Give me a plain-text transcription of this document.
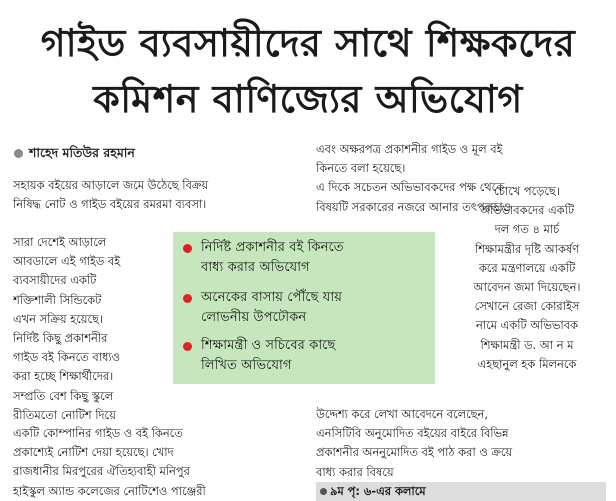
গাইড ব্যবসায়ীদের সাথে শিক্ষকদের
কমিশন বাণিজ্যের অভিযোগ
শাহেদ মতিউর রহমান
সহায়ক বইয়ের আড়ালে জমে উঠেছে বিক্রয়
নিষিদ্ধ নোট ও গাইড বইয়ের রমরমা ব্যবসা।
সারা দেশেই আড়ালে
আবডালে এই গাইড বই
ব্যবসায়ীদের একটি
শক্তিশালী সিন্ডিকেট
এখন সক্রিয় হয়েছে।
নির্দিষ্ট কিছু প্রকাশনীর
গাইড বই কিনতে বাধ্যও
করা হচ্ছে শিক্ষার্থীদের।
সম্প্রতি বেশ কিছু স্কুলে
রীতিমতো নোটিশ দিয়ে
একটি কোম্পানির গাইড ও বই কিনতে
প্রকাশ্যেই নোটিশ দেয়া হয়েছে। খোদ
রাজধানীর মিরপুরের ঐতিহ্যবাহী মনিপুর
হাইস্কুল অ্যান্ড কলেজের নোটিশেও পাঞ্জেরী
নির্দিষ্ট প্রকাশনীর বই কিনতে
বাধ্য করার অভিযোগ
অনেকের বাসায় পৌঁছে যায়
লোভনীয় উপঢৌকন
শিক্ষামন্ত্রী ও সচিবের কাছে
লিখিত অভিযোগ
এবং অক্ষরপত্র প্রকাশনীর গাইড ও মূল বই
কিনতে বলা হয়েছে।
এ দিকে সচেতন অভিভাবকদের পক্ষ থেকে
বিষয়টি সরকারের নজরে আনার তৎপরতাও
চোখে পড়েছে।
অভিভাবকদের একটি
দল গত ৪ মার্চ
শিক্ষামন্ত্রীর দৃষ্টি আকর্ষণ
করে মন্ত্রণালয়ে একটি
আবেদন জমা দিয়েছেন।
সেখানে রেজা কোরাইস
নামে একটি অভিভাবক
শিক্ষামন্ত্রী ড. আ ন ম
এহছানুল হক মিলনকে
উদ্দেশ্য করে লেখা আবেদনে বলেছেন,
এনসিটিবি অনুমোদিত বইয়ের বাইরে বিভিন্ন
প্রকাশনীর অননুমোদিত বই পাঠ করা ও ক্রয়ে
বাধ্য করার বিষয়ে
৯ম পৃ: ৬-এর কলামে
